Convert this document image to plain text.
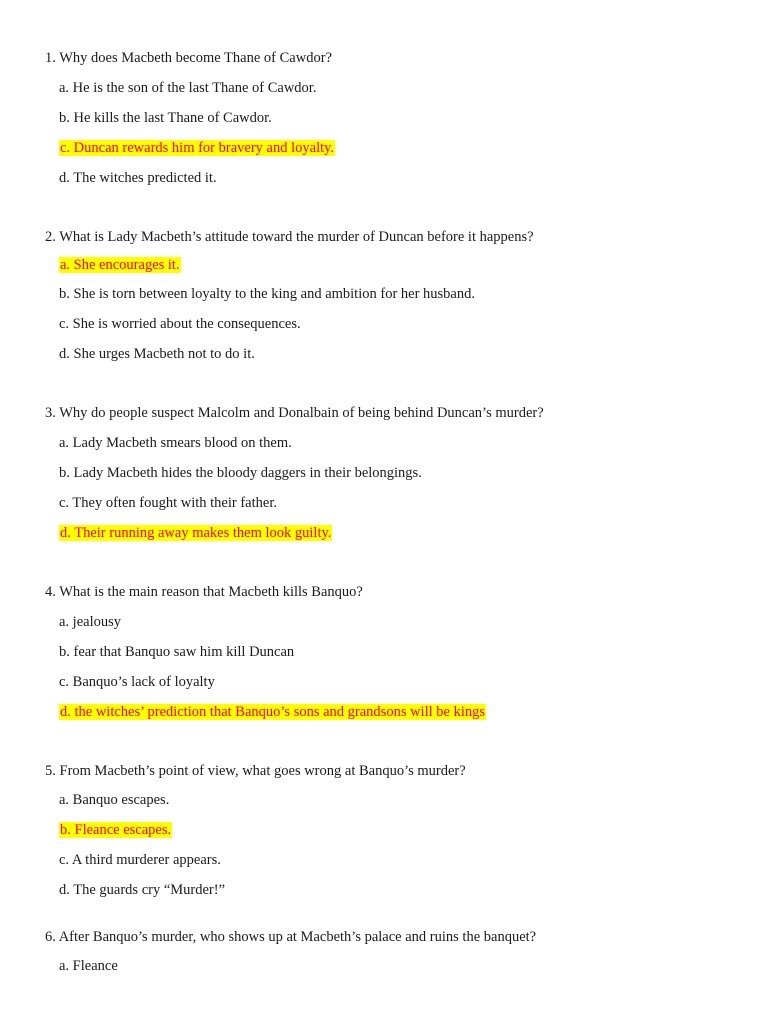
1. Why does Macbeth become Thane of Cawdor?
a. He is the son of the last Thane of Cawdor.
b. He kills the last Thane of Cawdor.
c. Duncan rewards him for bravery and loyalty.
d. The witches predicted it.
2. What is Lady Macbeth’s attitude toward the murder of Duncan before it happens?
a. She encourages it.
b. She is torn between loyalty to the king and ambition for her husband.
c. She is worried about the consequences.
d. She urges Macbeth not to do it.
3. Why do people suspect Malcolm and Donalbain of being behind Duncan’s murder?
a. Lady Macbeth smears blood on them.
b. Lady Macbeth hides the bloody daggers in their belongings.
c. They often fought with their father.
d. Their running away makes them look guilty.
4. What is the main reason that Macbeth kills Banquo?
a. jealousy
b. fear that Banquo saw him kill Duncan
c. Banquo’s lack of loyalty
d. the witches’ prediction that Banquo’s sons and grandsons will be kings
5. From Macbeth’s point of view, what goes wrong at Banquo’s murder?
a. Banquo escapes.
b. Fleance escapes.
c. A third murderer appears.
d. The guards cry “Murder!”
6. After Banquo’s murder, who shows up at Macbeth’s palace and ruins the banquet?
a. Fleance
